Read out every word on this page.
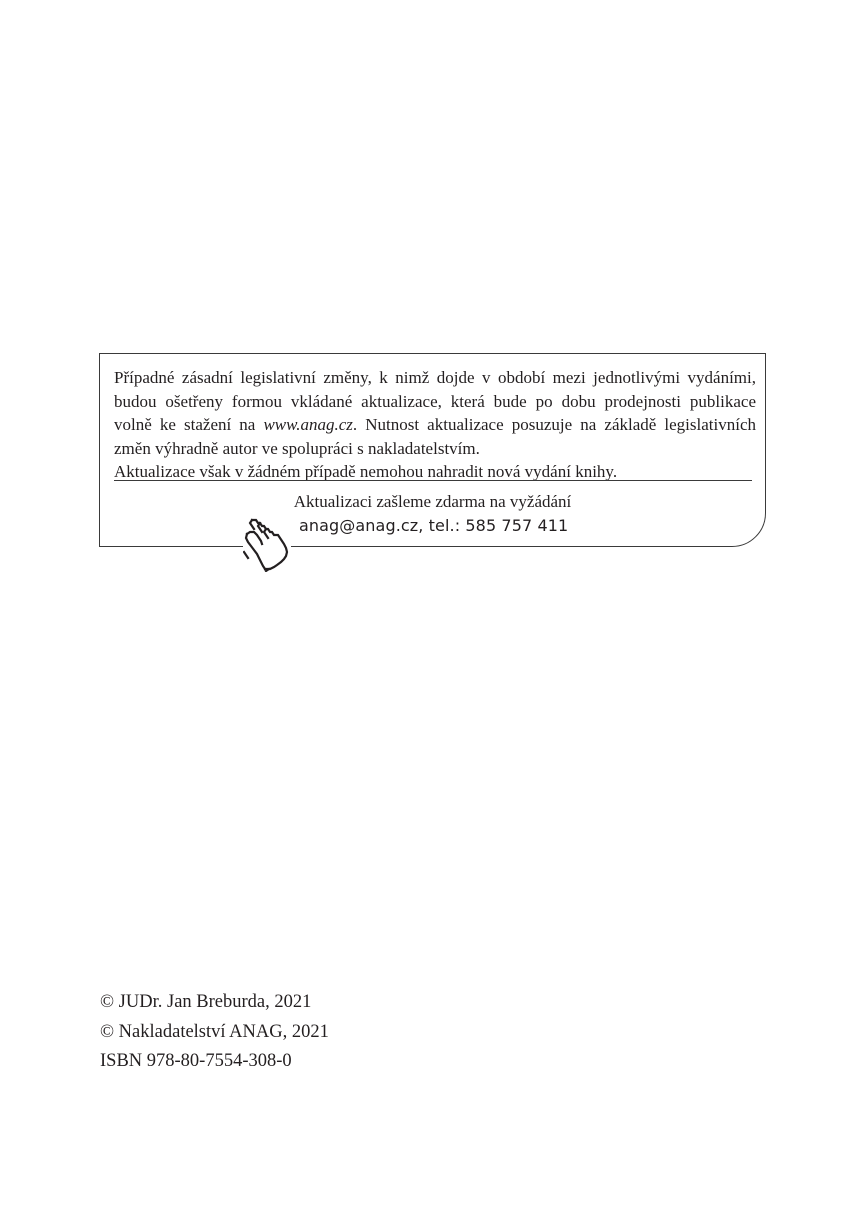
Případné zásadní legislativní změny, k nimž dojde v období mezi jednotlivými vydáními,
budou ošetřeny formou vkládané aktualizace, která bude po dobu prodejnosti publikace
volně ke stažení na www.anag.cz. Nutnost aktualizace posuzuje na základě legislativních
změn výhradně autor ve spolupráci s nakladatelstvím.
Aktualizace však v žádném případě nemohou nahradit nová vydání knihy.

Aktualizaci zašleme zdarma na vyžádání
anag@anag.cz, tel.: 585 757 411
© JUDr. Jan Breburda, 2021
© Nakladatelství ANAG, 2021
ISBN 978-80-7554-308-0
